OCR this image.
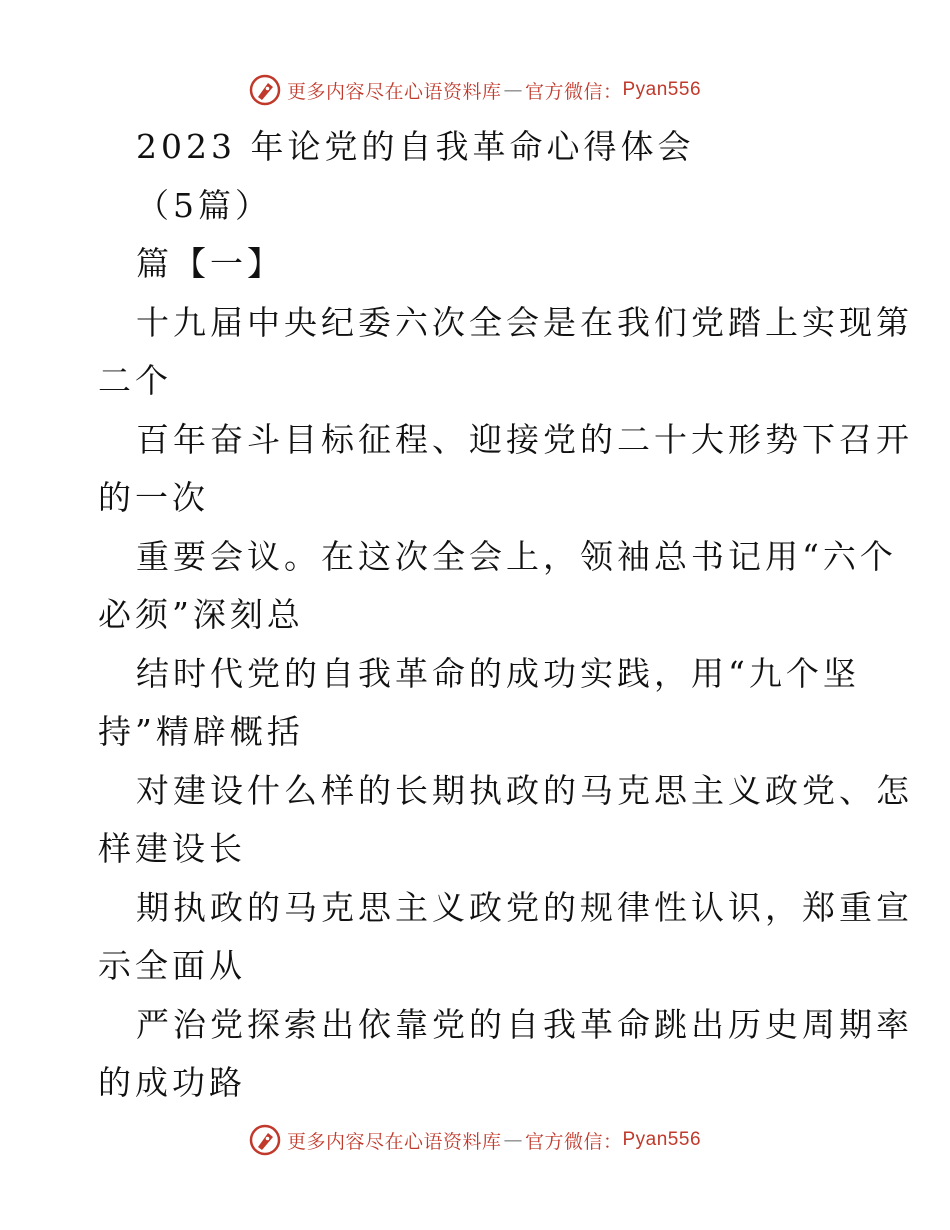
更多内容尽在心语资料库 — 官方微信： Pyan556
2023 年论党的自我革命心得体会
（5篇）
篇【一】
十九届中央纪委六次全会是在我们党踏上实现第
二个
百年奋斗目标征程、迎接党的二十大形势下召开
的一次
重要会议。在这次全会上，领袖总书记用“六个
必须”深刻总
结时代党的自我革命的成功实践，用“九个坚
持”精辟概括
对建设什么样的长期执政的马克思主义政党、怎
样建设长
期执政的马克思主义政党的规律性认识，郑重宣
示全面从
严治党探索出依靠党的自我革命跳出历史周期率
的成功路
更多内容尽在心语资料库 — 官方微信： Pyan556
